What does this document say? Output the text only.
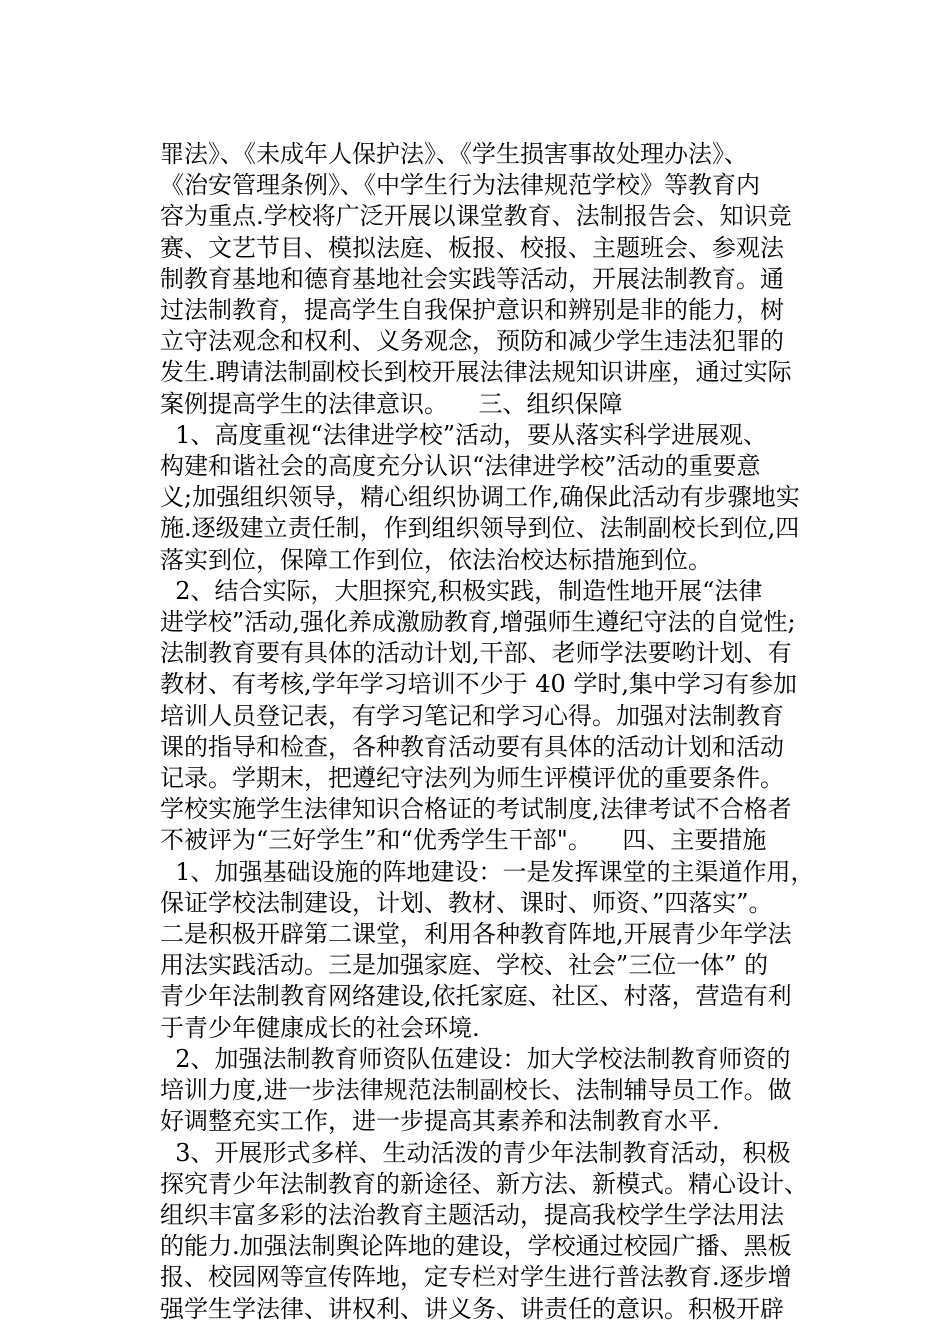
罪法》、《未成年人保护法》、《学生损害事故处理办法》、
《治安管理条例》、《中学生行为法律规范学校》等教育内
容为重点.学校将广泛开展以课堂教育、法制报告会、知识竞
赛、文艺节目、模拟法庭、板报、校报、主题班会、参观法
制教育基地和德育基地社会实践等活动，开展法制教育。通
过法制教育，提高学生自我保护意识和辨别是非的能力，树
立守法观念和权利、义务观念，预防和减少学生违法犯罪的
发生.聘请法制副校长到校开展法律法规知识讲座，通过实际
案例提高学生的法律意识。    三、组织保障
1、高度重视“法律进学校”活动，要从落实科学进展观、
构建和谐社会的高度充分认识“法律进学校”活动的重要意
义;加强组织领导，精心组织协调工作,确保此活动有步骤地实
施.逐级建立责任制，作到组织领导到位、法制副校长到位,四
落实到位，保障工作到位，依法治校达标措施到位。
2、结合实际，大胆探究,积极实践，制造性地开展“法律
进学校”活动,强化养成激励教育,增强师生遵纪守法的自觉性;
法制教育要有具体的活动计划,干部、老师学法要哟计划、有
教材、有考核,学年学习培训不少于 40 学时,集中学习有参加
培训人员登记表，有学习笔记和学习心得。加强对法制教育
课的指导和检查，各种教育活动要有具体的活动计划和活动
记录。学期末，把遵纪守法列为师生评模评优的重要条件。
学校实施学生法律知识合格证的考试制度,法律考试不合格者
不被评为“三好学生”和“优秀学生干部"。    四、主要措施
1、加强基础设施的阵地建设：一是发挥课堂的主渠道作用，
保证学校法制建设，计划、教材、课时、师资、”四落实”。
二是积极开辟第二课堂，利用各种教育阵地,开展青少年学法
用法实践活动。三是加强家庭、学校、社会”三位一体” 的
青少年法制教育网络建设,依托家庭、社区、村落，营造有利
于青少年健康成长的社会环境.
2、加强法制教育师资队伍建设：加大学校法制教育师资的
培训力度,进一步法律规范法制副校长、法制辅导员工作。做
好调整充实工作，进一步提高其素养和法制教育水平.
3、开展形式多样、生动活泼的青少年法制教育活动，积极
探究青少年法制教育的新途径、新方法、新模式。精心设计、
组织丰富多彩的法治教育主题活动，提高我校学生学法用法
的能力.加强法制舆论阵地的建设，学校通过校园广播、黑板
报、校园网等宣传阵地，定专栏对学生进行普法教育.逐步增
强学生学法律、讲权利、讲义务、讲责任的意识。积极开辟
